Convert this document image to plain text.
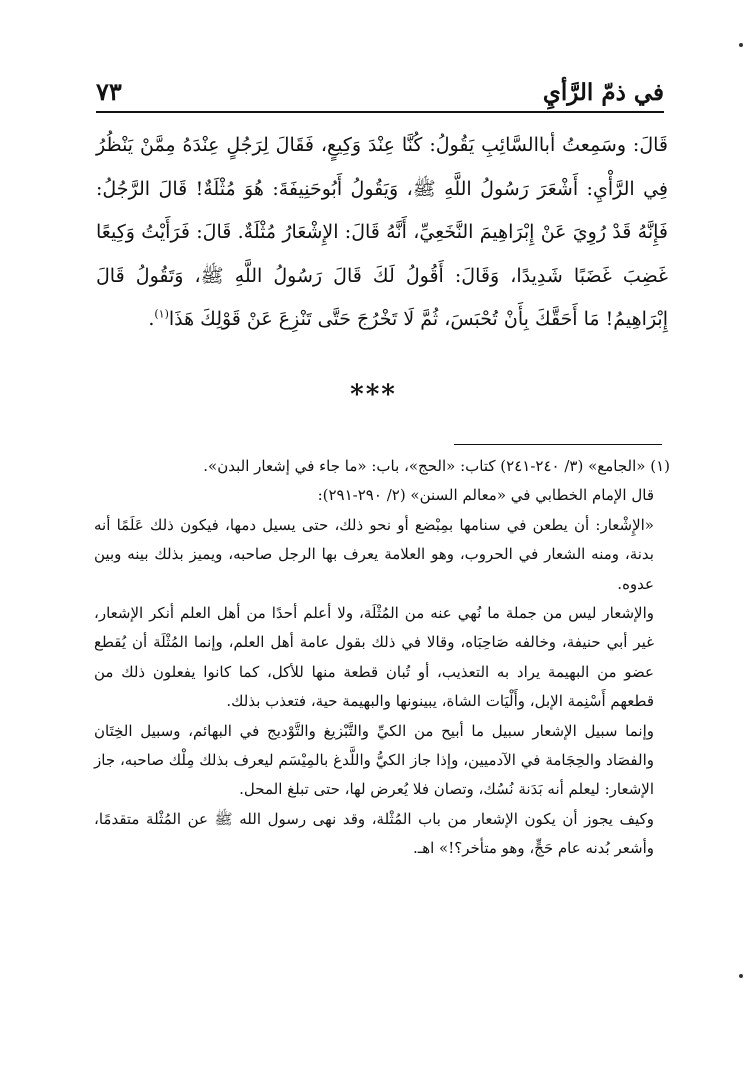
في ذمّ الرَّأيِ
٧٣

قَالَ: وسَمِعتُ أباالسَّائِبِ يَقُولُ: كُنَّا عِنْدَ وَكِيعٍ، فَقَالَ لِرَجُلٍ عِنْدَهُ مِمَّنْ يَنْظُرُ فِي الرَّأْيِ: أَشْعَرَ رَسُولُ اللَّهِ ﷺ، وَيَقُولُ أَبُوحَنِيفَةَ: هُوَ مُثْلَةٌ! قَالَ الرَّجُلُ: فَإِنَّهُ قَدْ رُوِيَ عَنْ إِبْرَاهِيمَ النَّخَعِيِّ، أَنَّهُ قَالَ: الإِشْعَارُ مُثْلَةٌ. قَالَ: فَرَأَيْتُ وَكِيعًا غَضِبَ غَضَبًا شَدِيدًا، وَقَالَ: أَقُولُ لَكَ قَالَ رَسُولُ اللَّهِ ﷺ، وَتَقُولُ قَالَ إِبْرَاهِيمُ! مَا أَحَقَّكَ بِأَنْ تُحْبَسَ، ثُمَّ لَا تَخْرُجَ حَتَّى تَنْزِعَ عَنْ قَوْلِكَ هَذَا$^{(١)}$.

***

(١) «الجامع» (٣/ ٢٤٠-٢٤١) كتاب: «الحج»، باب: «ما جاء في إشعار البدن».

قال الإمام الخطابي في «معالم السنن» (٢/ ٢٩٠-٢٩١):

«الإِشْعار: أن يطعن في سنامها بمِبْضع أو نحو ذلك، حتى يسيل دمها، فيكون ذلك عَلَمًا أنه بدنة، ومنه الشعار في الحروب، وهو العلامة يعرف بها الرجل صاحبه، ويميز بذلك بينه وبين عدوه.

والإشعار ليس من جملة ما نُهي عنه من المُثْلَة، ولا أعلم أحدًا من أهل العلم أنكر الإشعار، غير أبي حنيفة، وخالفه صَاحِبَاه، وقالا في ذلك بقول عامة أهل العلم، وإنما المُثْلَة أن يُقطع عضو من البهيمة يراد به التعذيب، أو تُبان قطعة منها للأكل، كما كانوا يفعلون ذلك من قطعهم أَسْنِمة الإبل، وأَلْيَات الشاة، يبينونها والبهيمة حية، فتعذب بذلك.

وإنما سبيل الإشعار سبيل ما أبيح من الكيِّ والتَّبْزيغ والتَّوْديج في البهائم، وسبيل الخِتَان والفصَاد والحِجَامة في الآدميين، وإذا جاز الكيُّ واللَّدغ بالمِيْسَم ليعرف بذلك مِلْك صاحبه، جاز الإشعار: ليعلم أنه بَدَنة نُسُك، وتصان فلا يُعرض لها، حتى تبلغ المحل.

وكيف يجوز أن يكون الإشعار من باب المُثْلة، وقد نهى رسول الله ﷺ عن المُثْلة متقدمًا، وأشعر بُدنه عام حَجٍّ، وهو متأخر؟!» اهـ.
